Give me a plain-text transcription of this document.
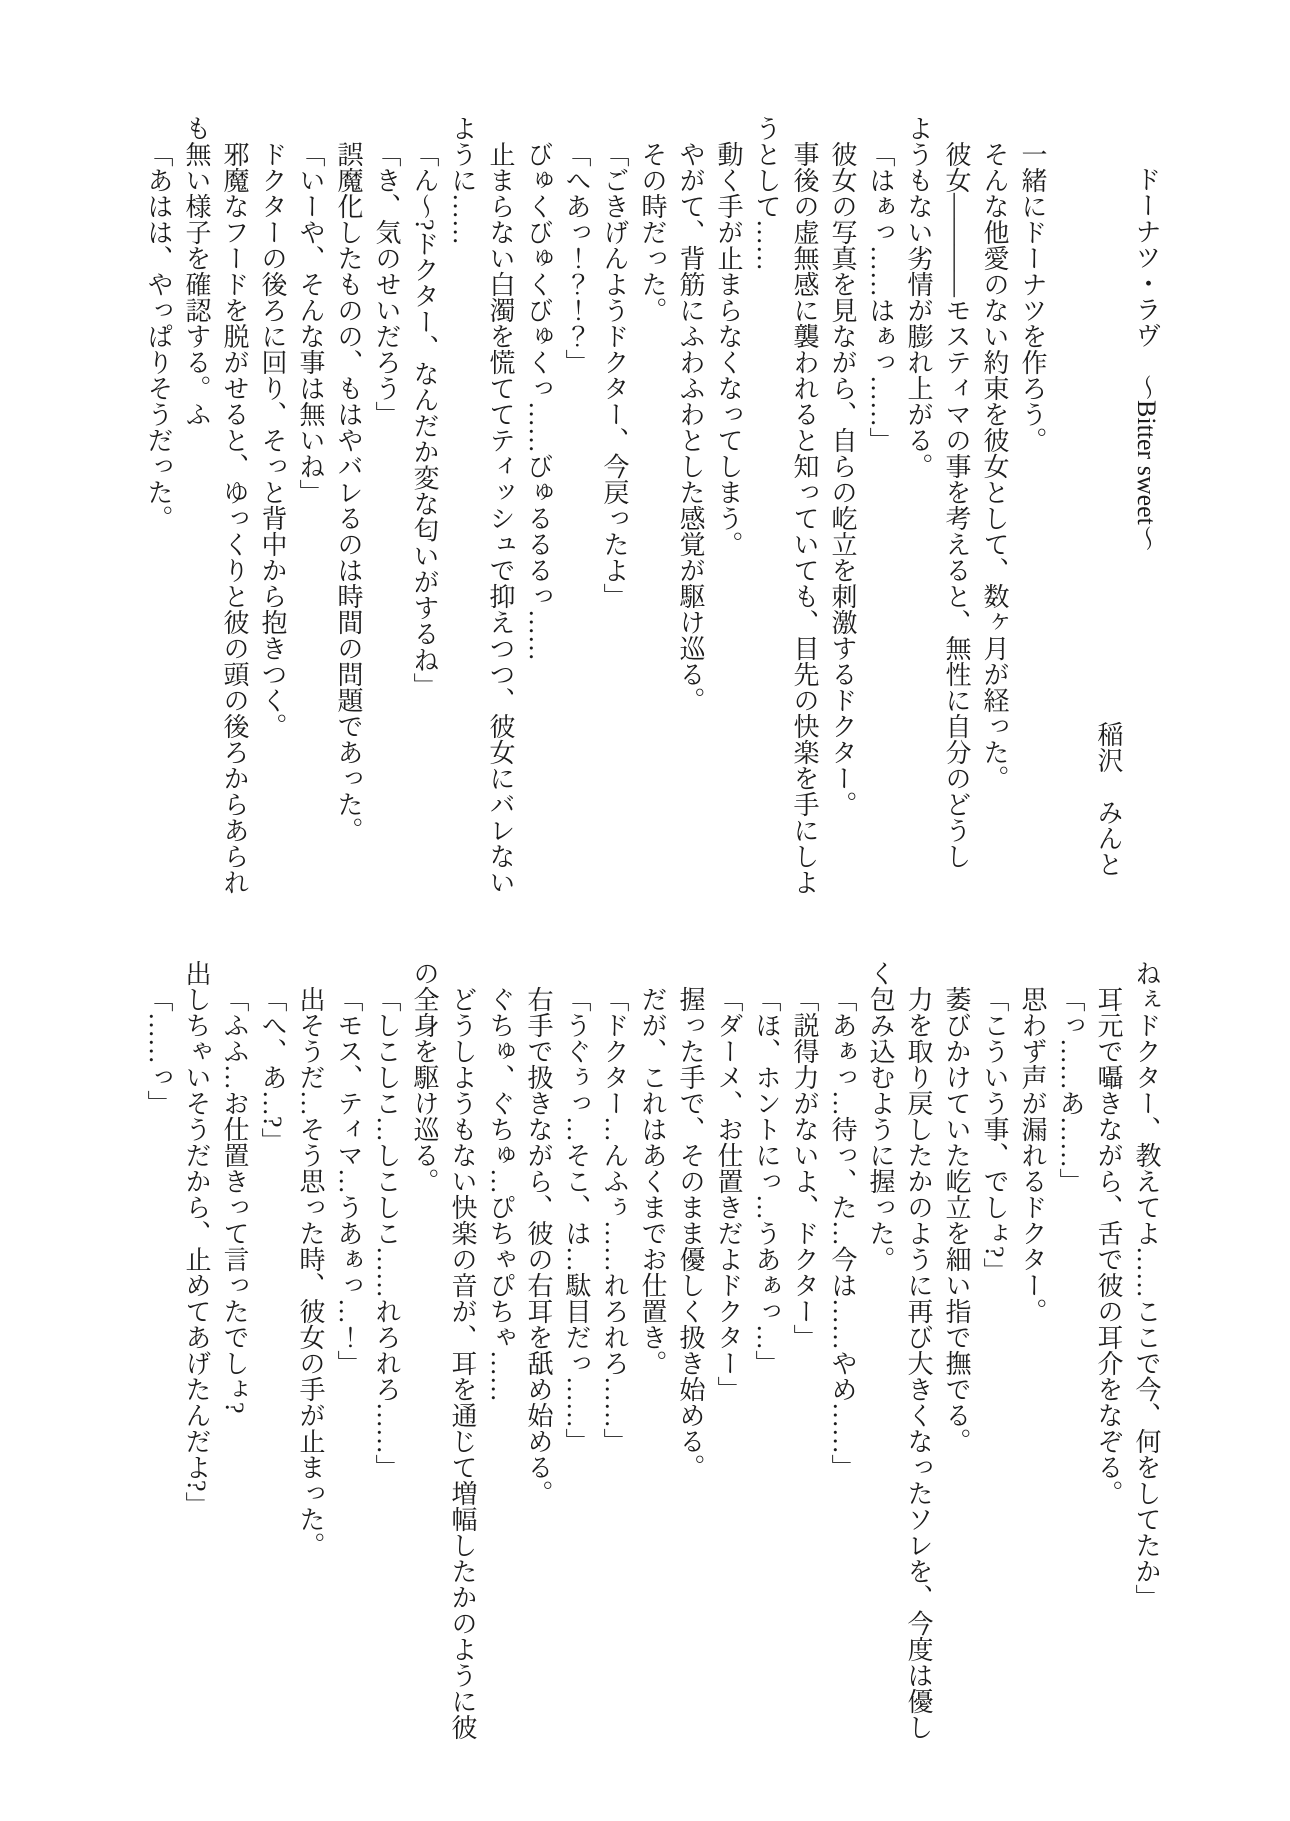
ドーナツ・ラヴ　～Bitter sweet～
稲沢　みんと
一緒にドーナツを作ろう。
そんな他愛のない約束を彼女として、数ヶ月が経った。
彼女――――モスティマの事を考えると、無性に自分のどうし
ようもない劣情が膨れ上がる。
「はぁっ……はぁっ……」
彼女の写真を見ながら、自らの屹立を刺激するドクター。
事後の虚無感に襲われると知っていても、目先の快楽を手にしよ
うとして……
動く手が止まらなくなってしまう。
やがて、背筋にふわふわとした感覚が駆け巡る。
その時だった。
「ごきげんようドクター、今戻ったよ」
「へあっ！？！？」
びゅくびゅくびゅくっ……びゅるるるっ……
止まらない白濁を慌ててティッシュで抑えつつ、彼女にバレない
ように……
「ん～?ドクター、なんだか変な匂いがするね」
「き、気のせいだろう」
誤魔化したものの、もはやバレるのは時間の問題であった。
「いーや、そんな事は無いね」
ドクターの後ろに回り、そっと背中から抱きつく。
邪魔なフードを脱がせると、ゆっくりと彼の頭の後ろからあられ
も無い様子を確認する。ふ
「あはは、やっぱりそうだった。
ねぇドクター、教えてよ……ここで今、何をしてたか」
耳元で囁きながら、舌で彼の耳介をなぞる。
「っ……あ……」
思わず声が漏れるドクター。
「こういう事、でしょ?」
萎びかけていた屹立を細い指で撫でる。
力を取り戻したかのように再び大きくなったソレを、今度は優し
く包み込むように握った。
「あぁっ…待っ、た…今は……やめ……」
「説得力がないよ、ドクター」
「ほ、ホントにっ…うあぁっ…」
「ダーメ、お仕置きだよドクター」
握った手で、そのまま優しく扱き始める。
だが、これはあくまでお仕置き。
「ドクター…んふぅ……れろれろ……」
「うぐぅっ…そこ、は…駄目だっ……」
右手で扱きながら、彼の右耳を舐め始める。
ぐちゅ、ぐちゅ…ぴちゃぴちゃ……
どうしようもない快楽の音が、耳を通じて増幅したかのように彼
の全身を駆け巡る。
「しこしこ…しこしこ……れろれろ……」
「モス、ティマ…うあぁっ…！」
出そうだ…そう思った時、彼女の手が止まった。
「へ、あ…?」
「ふふ…お仕置きって言ったでしょ?
出しちゃいそうだから、止めてあげたんだよ?」
「……っ」
